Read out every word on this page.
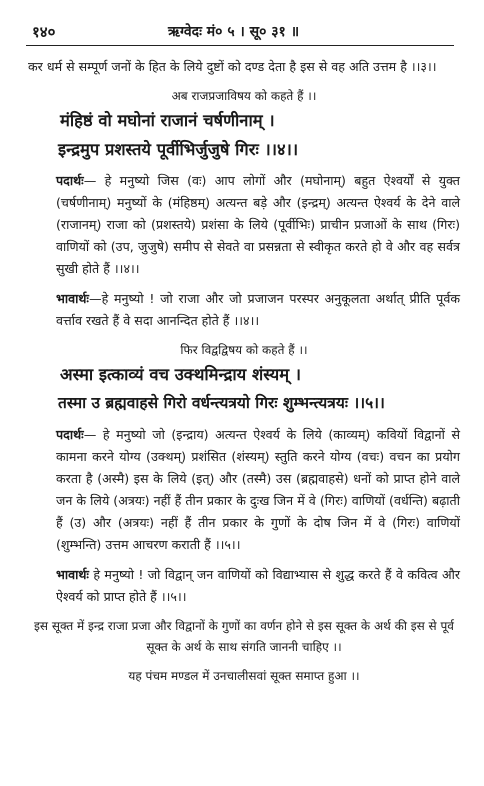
१४०	ऋग्वेदः मं० ५ । सू० ३१ ॥

कर धर्म से सम्पूर्ण जनों के हित के लिये दुष्टों को दण्ड देता है इस से वह अति उत्तम है ।।३।।

अब राजप्रजाविषय को कहते हैं ।।

मंहिष्ठं वो मघोनां राजानं चर्षणीनाम् ।

इन्द्रमुप प्रशस्तये पूर्वीभिर्जुजुषे गिरः ।।४।।

पदार्थः— हे मनुष्यो जिस (वः) आप लोगों और (मघोनाम्) बहुत ऐश्वर्यों से युक्त (चर्षणीनाम्) मनुष्यों के (मंहिष्ठम्) अत्यन्त बड़े और (इन्द्रम्) अत्यन्त ऐश्वर्य के देने वाले (राजानम्) राजा को (प्रशस्तये) प्रशंसा के लिये (पूर्वीभिः) प्राचीन प्रजाओं के साथ (गिरः) वाणियों को (उप, जुजुषे) समीप से सेवते वा प्रसन्नता से स्वीकृत करते हो वे और वह सर्वत्र सुखी होते हैं ।।४।।

भावार्थः—हे मनुष्यो ! जो राजा और जो प्रजाजन परस्पर अनुकूलता अर्थात् प्रीति पूर्वक वर्त्ताव रखते हैं वे सदा आनन्दित होते हैं ।।४।।

फिर विद्वद्विषय को कहते हैं ।।

अस्मा इत्काव्यं वच उक्थमिन्द्राय शंस्यम् ।

तस्मा उ ब्रह्मवाहसे गिरो वर्धन्त्यत्रयो गिरः शुम्भन्त्यत्रयः ।।५।।

पदार्थः— हे मनुष्यो जो (इन्द्राय) अत्यन्त ऐश्वर्य के लिये (काव्यम्) कवियों विद्वानों से कामना करने योग्य (उक्थम्) प्रशंसित (शंस्यम्) स्तुति करने योग्य (वचः) वचन का प्रयोग करता है (अस्मै) इस के लिये (इत्) और (तस्मै) उस (ब्रह्मवाहसे) धनों को प्राप्त होने वाले जन के लिये (अत्रयः) नहीं हैं तीन प्रकार के दुःख जिन में वे (गिरः) वाणियों (वर्धन्ति) बढ़ाती हैं (उ) और (अत्रयः) नहीं हैं तीन प्रकार के गुणों के दोष जिन में वे (गिरः) वाणियों (शुम्भन्ति) उत्तम आचरण कराती हैं ।।५।।

भावार्थः हे मनुष्यो ! जो विद्वान् जन वाणियों को विद्याभ्यास से शुद्ध करते हैं वे कवित्व और ऐश्वर्य को प्राप्त होते हैं ।।५।।

इस सूक्त में इन्द्र राजा प्रजा और विद्वानों के गुणों का वर्णन होने से इस सूक्त के अर्थ की इस से पूर्व सूक्त के अर्थ के साथ संगति जाननी चाहिए ।।

यह पंचम मण्डल में उनचालीसवां सूक्त समाप्त हुआ ।।
